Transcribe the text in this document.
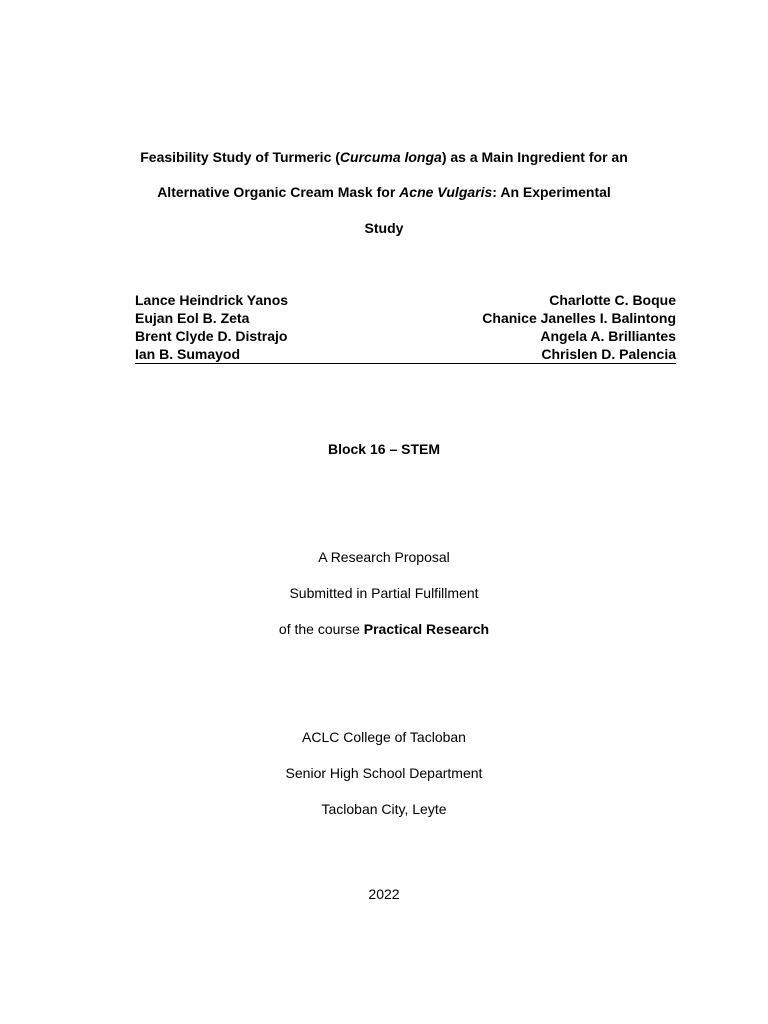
Feasibility Study of Turmeric (Curcuma longa) as a Main Ingredient for an
Alternative Organic Cream Mask for Acne Vulgaris: An Experimental
Study
Lance Heindrick Yanos	Charlotte C. Boque
Eujan Eol B. Zeta	Chanice Janelles I. Balintong
Brent Clyde D. Distrajo	Angela A. Brilliantes
Ian B. Sumayod	Chrislen D. Palencia
Block 16 – STEM
A Research Proposal
Submitted in Partial Fulfillment
of the course Practical Research
ACLC College of Tacloban
Senior High School Department
Tacloban City, Leyte
2022
